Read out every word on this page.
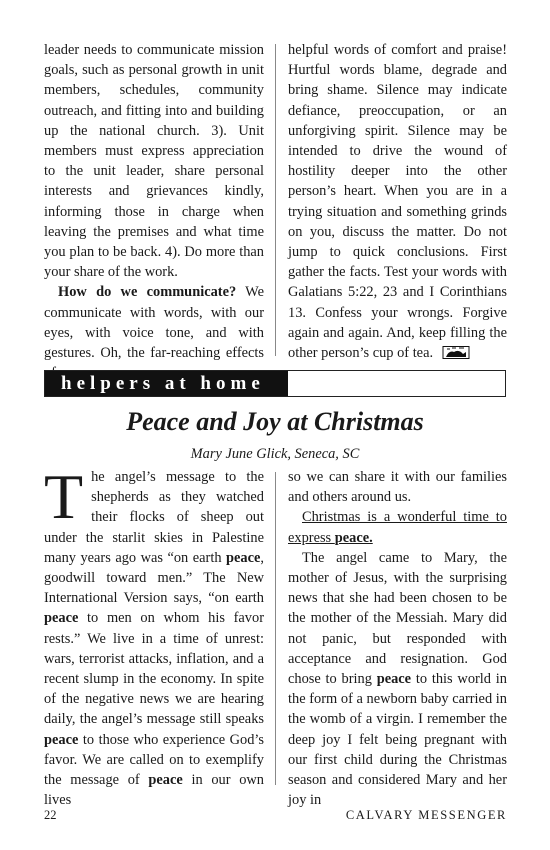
leader needs to communicate mission goals, such as personal growth in unit members, schedules, community outreach, and fitting into and building up the national church. 3). Unit members must express appreciation to the unit leader, share personal interests and grievances kindly, informing those in charge when leaving the premises and what time you plan to be back. 4). Do more than your share of the work.

How do we communicate? We communicate with words, with our eyes, with voice tone, and with gestures. Oh, the far-reaching effects

helpful words of comfort and praise! Hurtful words blame, degrade and bring shame. Silence may indicate defiance, preoccupation, or an unforgiving spirit. Silence may be intended to drive the wound of hostility deeper into the other person’s heart. When you are in a trying situation and something grinds on you, discuss the matter. Do not jump to quick conclusions. First gather the facts. Test your words with Galatians 5:22, 23 and I Corinthians 13. Confess your wrongs. Forgive again and again. And, keep filling the other person’s cup of tea.

helpers at home
Peace and Joy at Christmas
Mary June Glick, Seneca, SC

The angel’s message to the shepherds as they watched their flocks of sheep out under the starlit skies in Palestine many years ago was “on earth peace, goodwill toward men.” The New International Version says, “on earth peace to men on whom his favor rests.” We live in a time of unrest: wars, terrorist attacks, inflation, and a recent slump in the economy. In spite of the negative news we are hearing daily, the angel’s message still speaks peace to those who experience God’s favor. We are called on to exemplify the message of peace in our own lives

so we can share it with our families and others around us.

Christmas is a wonderful time to express peace.

The angel came to Mary, the mother of Jesus, with the surprising news that she had been chosen to be the mother of the Messiah. Mary did not panic, but responded with acceptance and resignation. God chose to bring peace to this world in the form of a newborn baby carried in the womb of a virgin. I remember the deep joy I felt being pregnant with our first child during the Christmas season and considered Mary and her joy in

22	CALVARY MESSENGER
